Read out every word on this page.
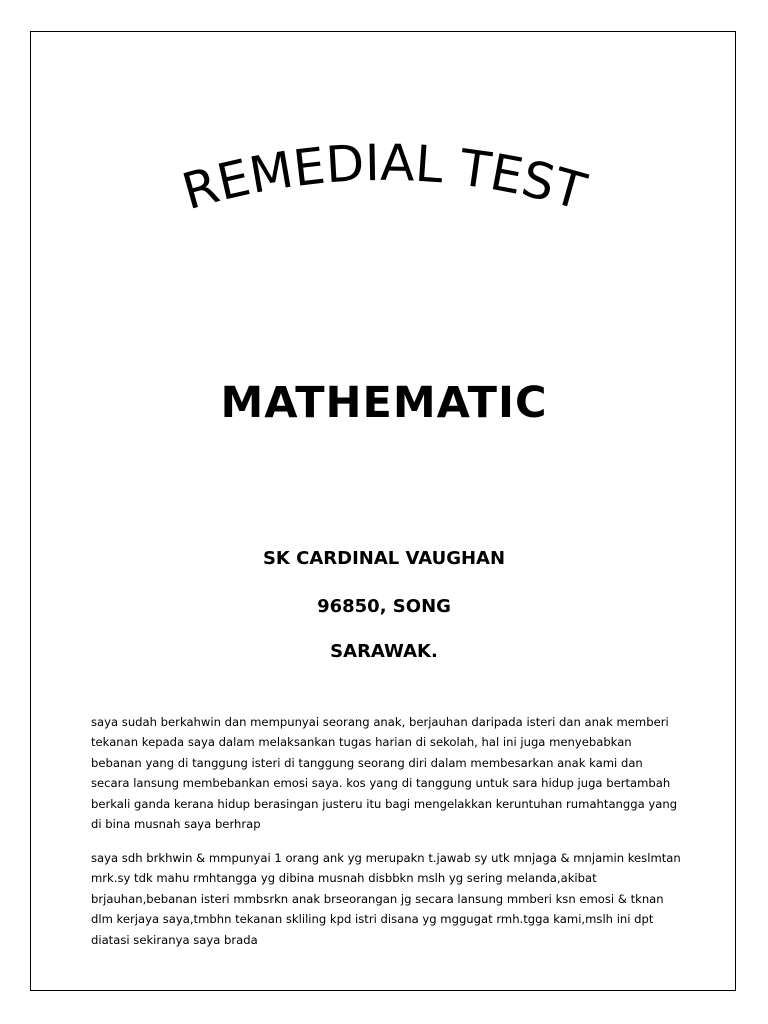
REMEDIAL TEST
MATHEMATIC
SK CARDINAL VAUGHAN
96850, SONG
SARAWAK.

saya sudah berkahwin dan mempunyai seorang anak, berjauhan daripada isteri dan anak memberi tekanan kepada saya dalam melaksankan tugas harian di sekolah, hal ini juga menyebabkan bebanan yang di tanggung isteri di tanggung seorang diri dalam membesarkan anak kami dan secara lansung membebankan emosi saya. kos yang di tanggung untuk sara hidup juga bertambah berkali ganda kerana hidup berasingan justeru itu bagi mengelakkan keruntuhan rumahtangga yang di bina musnah saya berhrap

saya sdh brkhwin & mmpunyai 1 orang ank yg merupakn t.jawab sy utk mnjaga & mnjamin keslmtan mrk.sy tdk mahu rmhtangga yg dibina musnah disbbkn mslh yg sering melanda,akibat brjauhan,bebanan isteri mmbsrkn anak brseorangan jg secara lansung mmberi ksn emosi & tknan dlm kerjaya saya,tmbhn tekanan skliling kpd istri disana yg mggugat rmh.tgga kami,mslh ini dpt diatasi sekiranya saya brada
